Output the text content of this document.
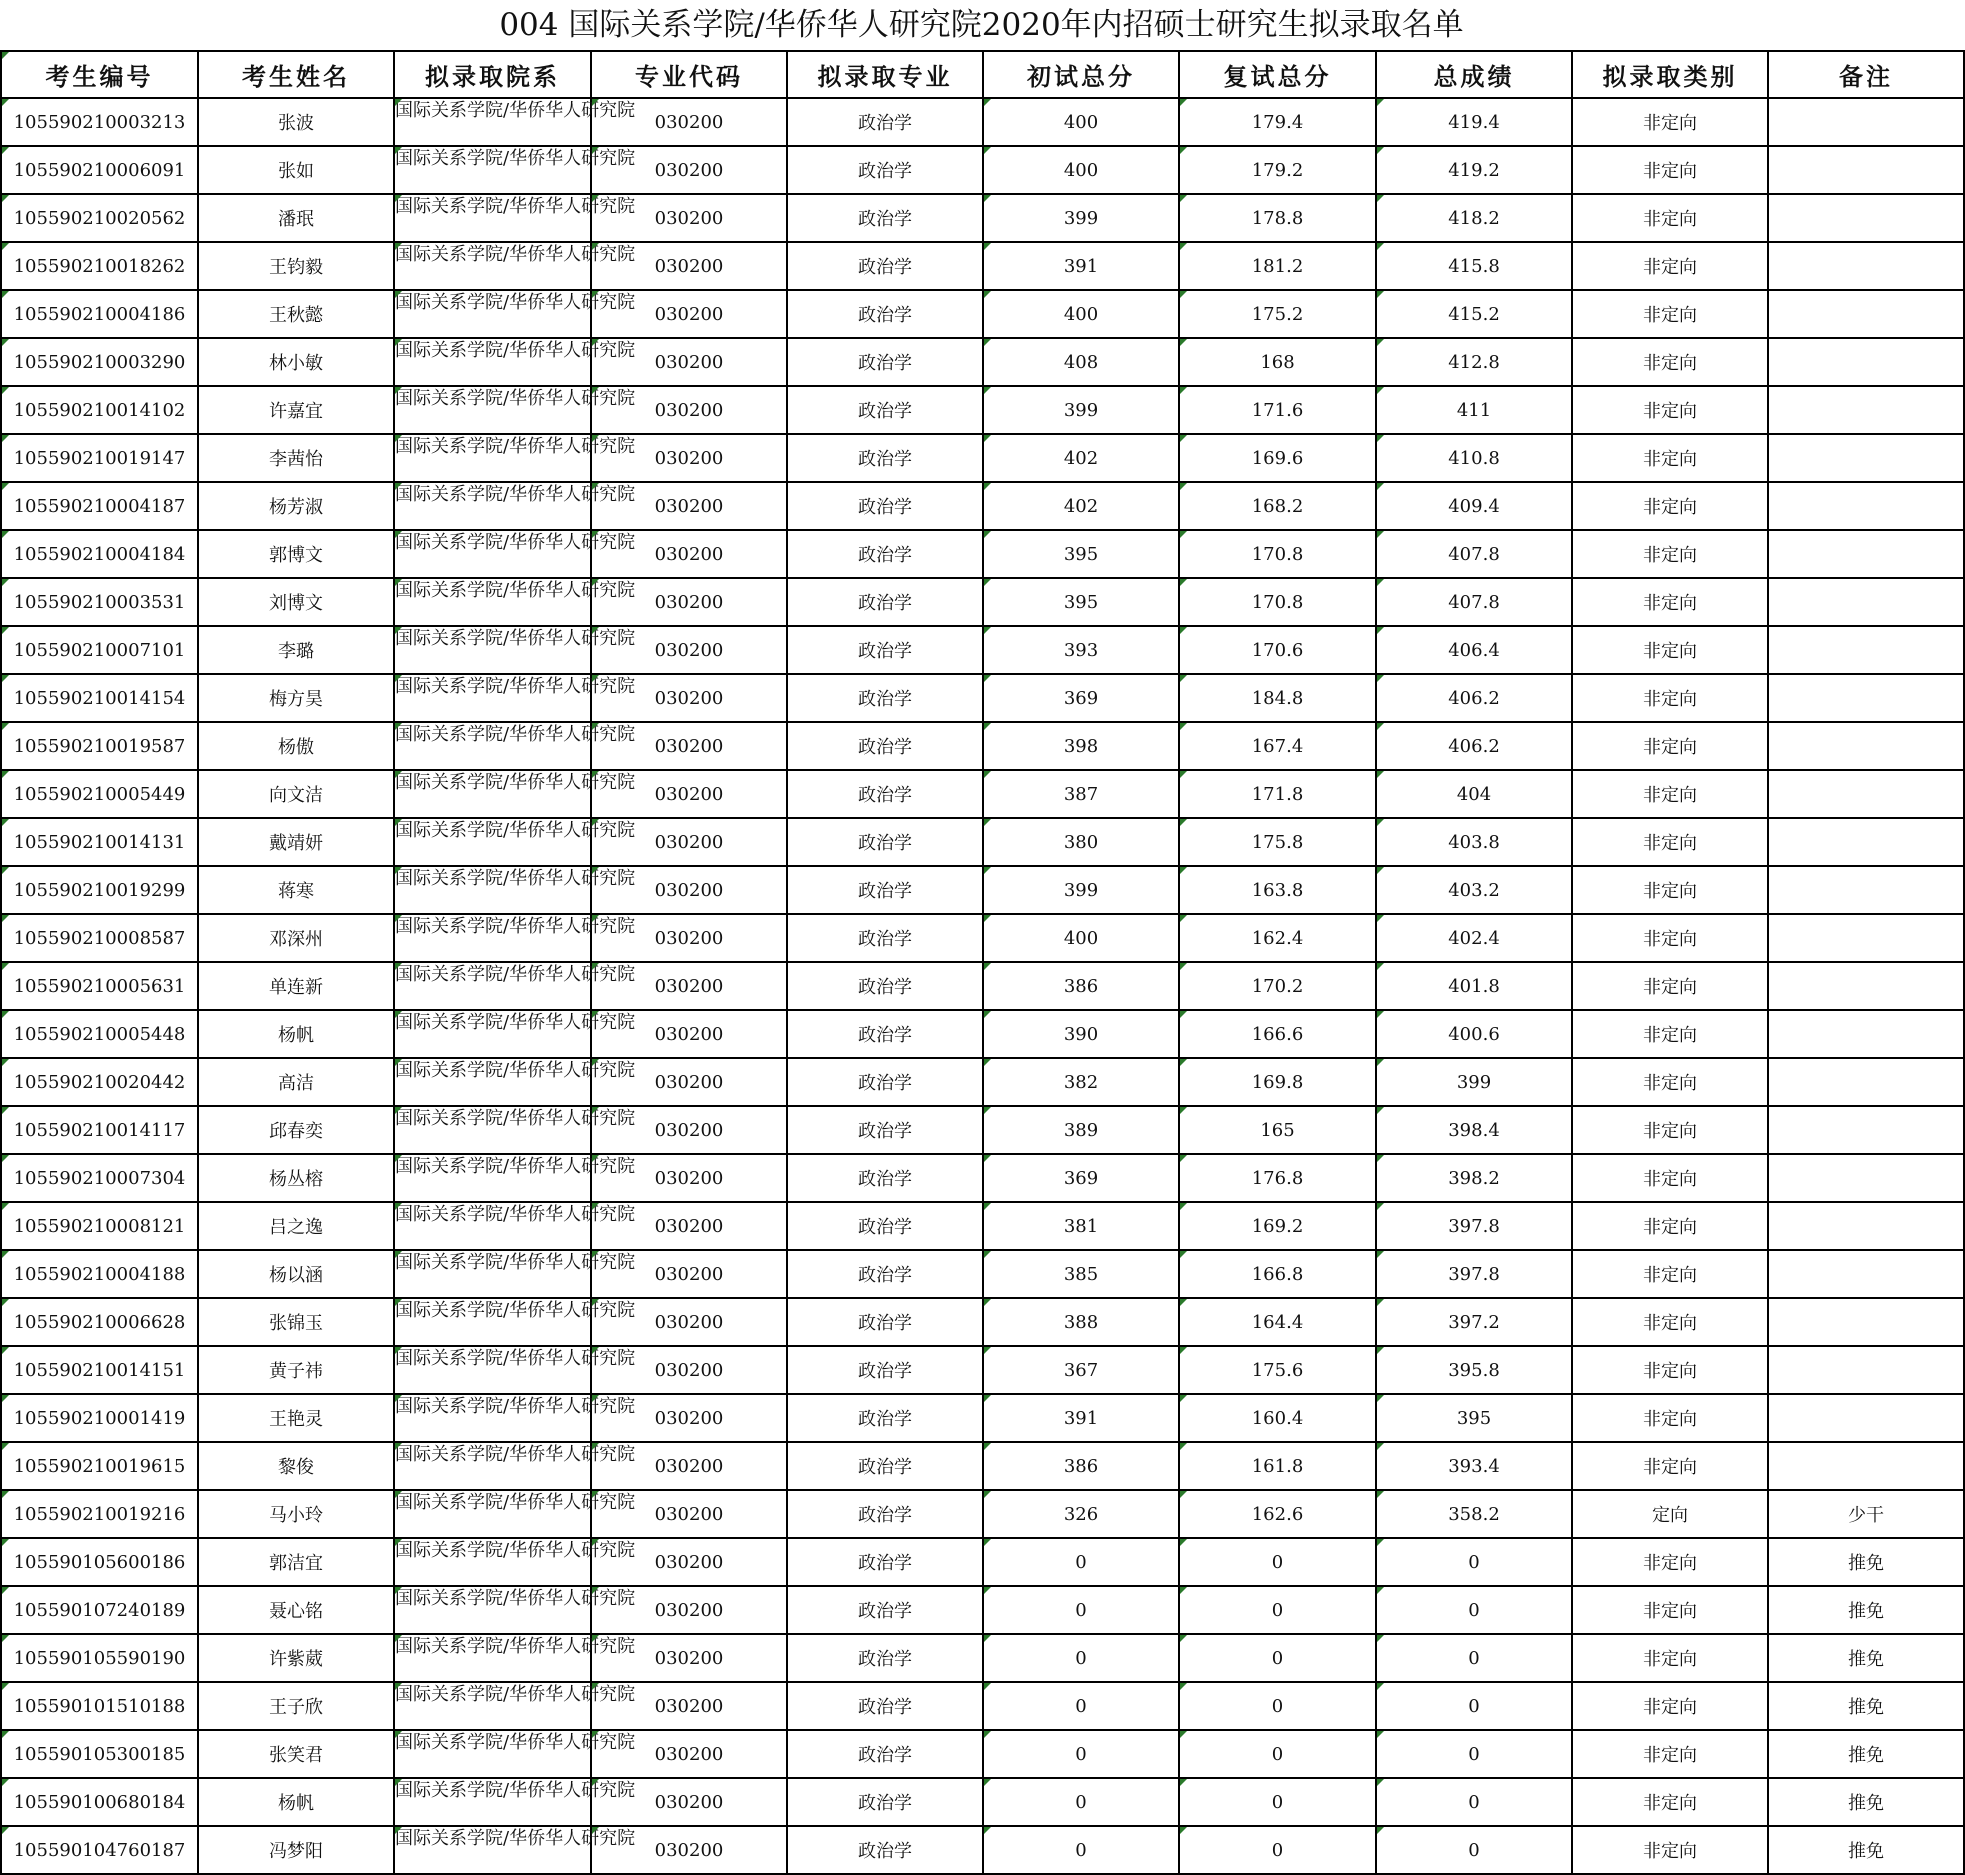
004 国际关系学院/华侨华人研究院2020年内招硕士研究生拟录取名单
考生编号	考生姓名	拟录取院系	专业代码	拟录取专业	初试总分	复试总分	总成绩	拟录取类别	备注
105590210003213	张波	国际关系学院/华侨华人研究院	030200	政治学	400	179.4	419.4	非定向	
105590210006091	张如	国际关系学院/华侨华人研究院	030200	政治学	400	179.2	419.2	非定向	
105590210020562	潘珉	国际关系学院/华侨华人研究院	030200	政治学	399	178.8	418.2	非定向	
105590210018262	王钧毅	国际关系学院/华侨华人研究院	030200	政治学	391	181.2	415.8	非定向	
105590210004186	王秋懿	国际关系学院/华侨华人研究院	030200	政治学	400	175.2	415.2	非定向	
105590210003290	林小敏	国际关系学院/华侨华人研究院	030200	政治学	408	168	412.8	非定向	
105590210014102	许嘉宜	国际关系学院/华侨华人研究院	030200	政治学	399	171.6	411	非定向	
105590210019147	李茜怡	国际关系学院/华侨华人研究院	030200	政治学	402	169.6	410.8	非定向	
105590210004187	杨芳淑	国际关系学院/华侨华人研究院	030200	政治学	402	168.2	409.4	非定向	
105590210004184	郭博文	国际关系学院/华侨华人研究院	030200	政治学	395	170.8	407.8	非定向	
105590210003531	刘博文	国际关系学院/华侨华人研究院	030200	政治学	395	170.8	407.8	非定向	
105590210007101	李璐	国际关系学院/华侨华人研究院	030200	政治学	393	170.6	406.4	非定向	
105590210014154	梅方昊	国际关系学院/华侨华人研究院	030200	政治学	369	184.8	406.2	非定向	
105590210019587	杨傲	国际关系学院/华侨华人研究院	030200	政治学	398	167.4	406.2	非定向	
105590210005449	向文洁	国际关系学院/华侨华人研究院	030200	政治学	387	171.8	404	非定向	
105590210014131	戴靖妍	国际关系学院/华侨华人研究院	030200	政治学	380	175.8	403.8	非定向	
105590210019299	蒋寒	国际关系学院/华侨华人研究院	030200	政治学	399	163.8	403.2	非定向	
105590210008587	邓深州	国际关系学院/华侨华人研究院	030200	政治学	400	162.4	402.4	非定向	
105590210005631	单连新	国际关系学院/华侨华人研究院	030200	政治学	386	170.2	401.8	非定向	
105590210005448	杨帆	国际关系学院/华侨华人研究院	030200	政治学	390	166.6	400.6	非定向	
105590210020442	高洁	国际关系学院/华侨华人研究院	030200	政治学	382	169.8	399	非定向	
105590210014117	邱春奕	国际关系学院/华侨华人研究院	030200	政治学	389	165	398.4	非定向	
105590210007304	杨丛榕	国际关系学院/华侨华人研究院	030200	政治学	369	176.8	398.2	非定向	
105590210008121	吕之逸	国际关系学院/华侨华人研究院	030200	政治学	381	169.2	397.8	非定向	
105590210004188	杨以涵	国际关系学院/华侨华人研究院	030200	政治学	385	166.8	397.8	非定向	
105590210006628	张锦玉	国际关系学院/华侨华人研究院	030200	政治学	388	164.4	397.2	非定向	
105590210014151	黄子祎	国际关系学院/华侨华人研究院	030200	政治学	367	175.6	395.8	非定向	
105590210001419	王艳灵	国际关系学院/华侨华人研究院	030200	政治学	391	160.4	395	非定向	
105590210019615	黎俊	国际关系学院/华侨华人研究院	030200	政治学	386	161.8	393.4	非定向	
105590210019216	马小玲	国际关系学院/华侨华人研究院	030200	政治学	326	162.6	358.2	定向	少干
105590105600186	郭洁宜	国际关系学院/华侨华人研究院	030200	政治学	0	0	0	非定向	推免
105590107240189	聂心铭	国际关系学院/华侨华人研究院	030200	政治学	0	0	0	非定向	推免
105590105590190	许紫葳	国际关系学院/华侨华人研究院	030200	政治学	0	0	0	非定向	推免
105590101510188	王子欣	国际关系学院/华侨华人研究院	030200	政治学	0	0	0	非定向	推免
105590105300185	张笑君	国际关系学院/华侨华人研究院	030200	政治学	0	0	0	非定向	推免
105590100680184	杨帆	国际关系学院/华侨华人研究院	030200	政治学	0	0	0	非定向	推免
105590104760187	冯梦阳	国际关系学院/华侨华人研究院	030200	政治学	0	0	0	非定向	推免
